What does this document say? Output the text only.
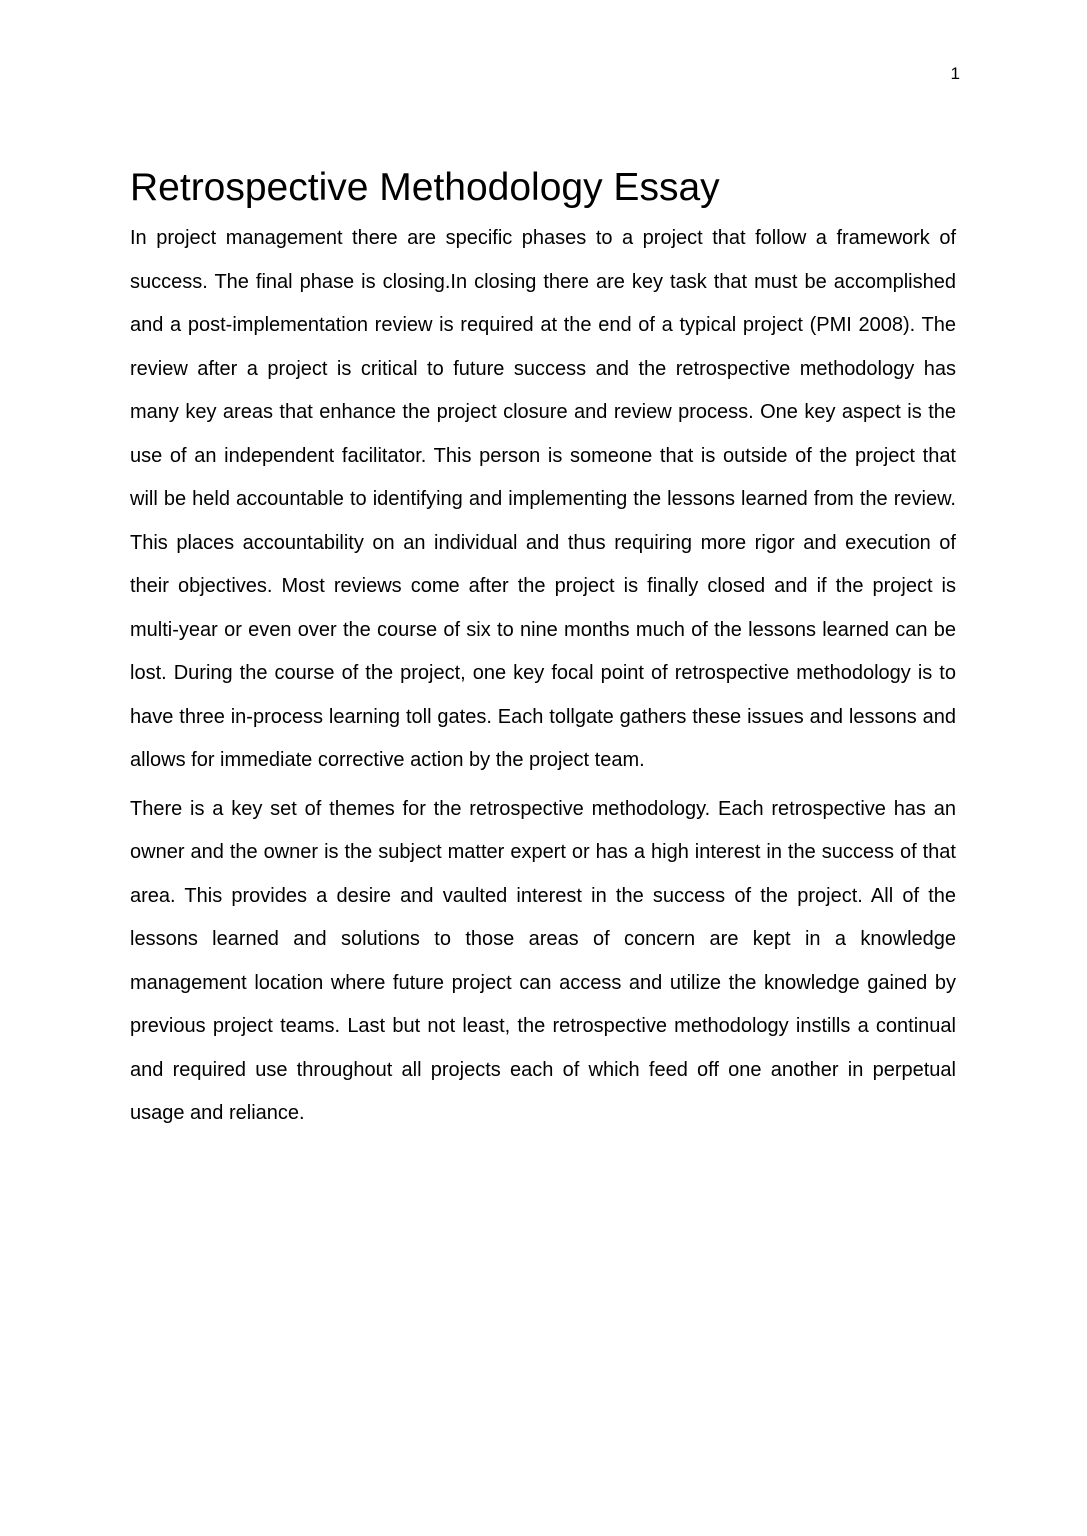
1
Retrospective Methodology Essay

In project management there are specific phases to a project that follow a framework of success. The final phase is closing.In closing there are key task that must be accomplished and a post-implementation review is required at the end of a typical project (PMI 2008). The review after a project is critical to future success and the retrospective methodology has many key areas that enhance the project closure and review process. One key aspect is the use of an independent facilitator. This person is someone that is outside of the project that will be held accountable to identifying and implementing the lessons learned from the review. This places accountability on an individual and thus requiring more rigor and execution of their objectives. Most reviews come after the project is finally closed and if the project is multi-year or even over the course of six to nine months much of the lessons learned can be lost. During the course of the project, one key focal point of retrospective methodology is to have three in-process learning toll gates. Each tollgate gathers these issues and lessons and allows for immediate corrective action by the project team.

There is a key set of themes for the retrospective methodology. Each retrospective has an owner and the owner is the subject matter expert or has a high interest in the success of that area. This provides a desire and vaulted interest in the success of the project. All of the lessons learned and solutions to those areas of concern are kept in a knowledge management location where future project can access and utilize the knowledge gained by previous project teams. Last but not least, the retrospective methodology instills a continual and required use throughout all projects each of which feed off one another in perpetual usage and reliance.
